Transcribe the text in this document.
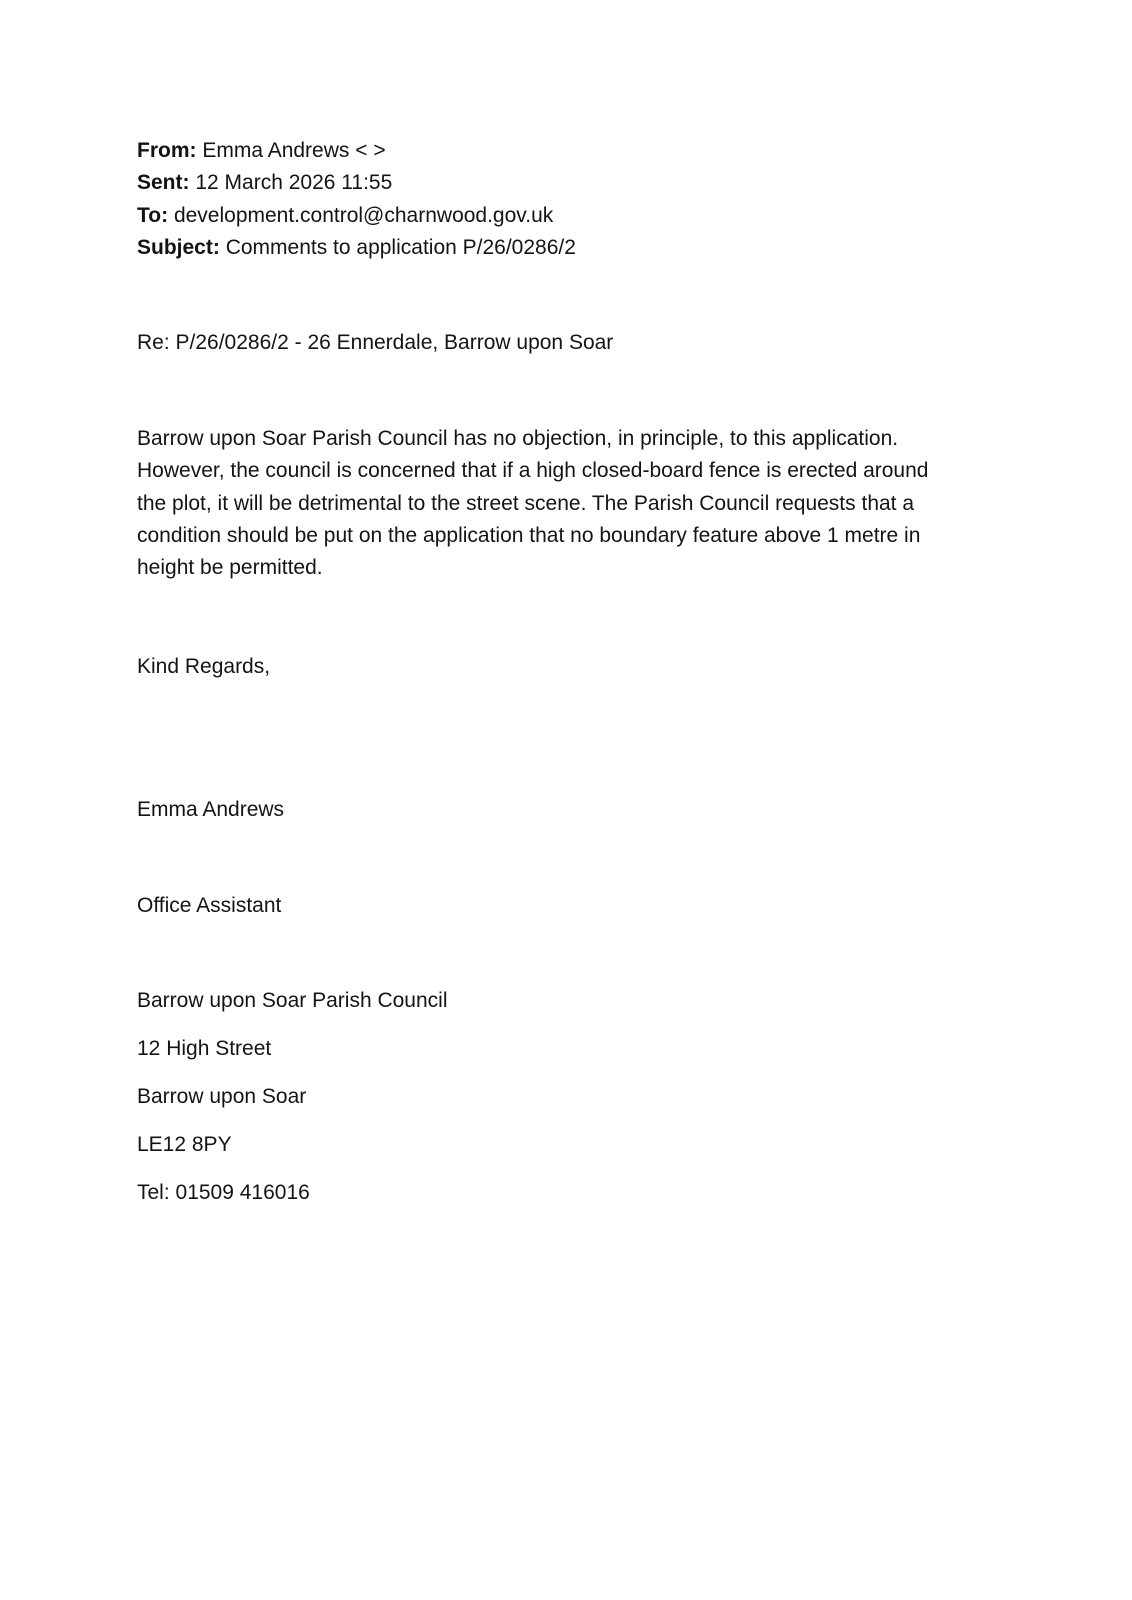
From: Emma Andrews < >
Sent: 12 March 2026 11:55
To: development.control@charnwood.gov.uk
Subject: Comments to application P/26/0286/2
Re: P/26/0286/2 - 26 Ennerdale, Barrow upon Soar
Barrow upon Soar Parish Council has no objection, in principle, to this application.
However, the council is concerned that if a high closed-board fence is erected around
the plot, it will be detrimental to the street scene. The Parish Council requests that a
condition should be put on the application that no boundary feature above 1 metre in
height be permitted.
Kind Regards,
Emma Andrews
Office Assistant
Barrow upon Soar Parish Council
12 High Street
Barrow upon Soar
LE12 8PY
Tel: 01509 416016
